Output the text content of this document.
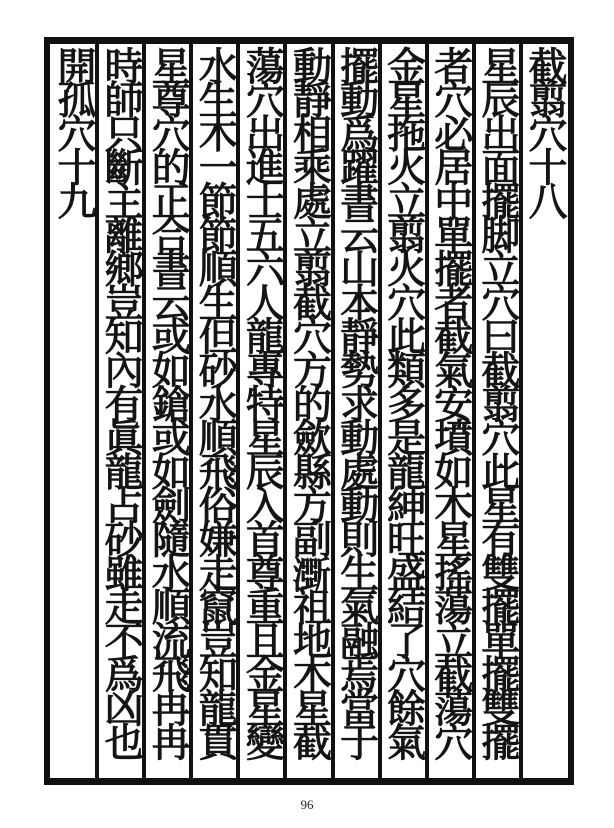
截翦穴十八
星辰出面擺脚立穴曰截翦穴此星有雙擺單擺雙擺
者穴必居中單擺者截氣安墳如木星搖蕩立截蕩穴
金星拖火立翦火穴此類多是龍紳旺盛結了穴餘氣
擺動爲躍書云山本靜勢求動處動則生氣融焉當于
動靜相乘處立翦截穴方的歛縣方副𤂊祖地木星截
蕩穴出進士五六人龍專特星辰入首尊重且金星變
水生木一節節順生但砂水順飛俗嫌走竄豈知龍貫
星尊穴的正合書云或如鎗或如劍隨水順流飛冉冉
時師只斷主離鄉豈知內有眞龍占砂雖走不爲凶也
開孤穴十九
96
